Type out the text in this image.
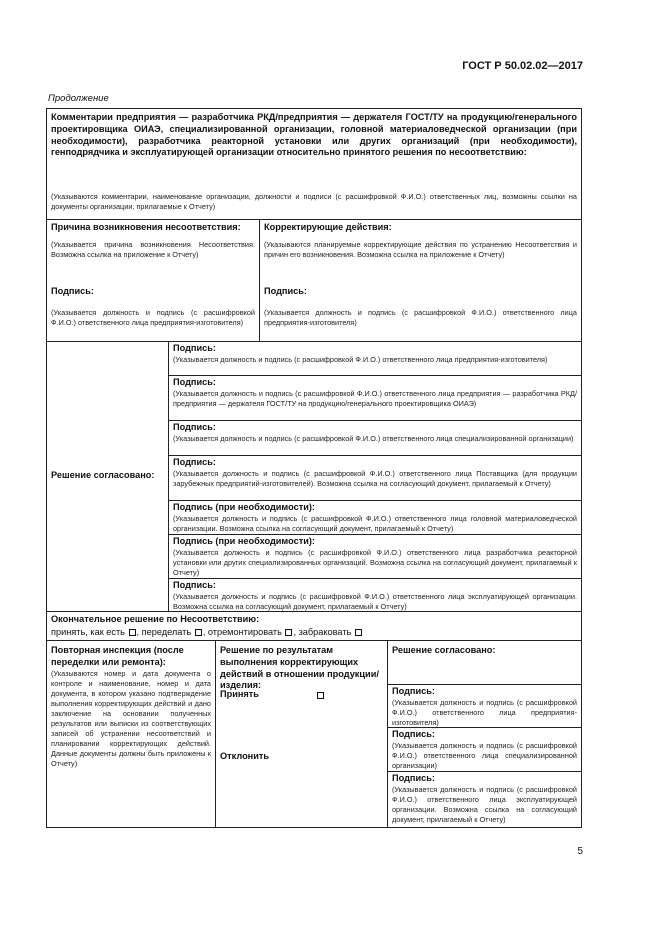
ГОСТ Р 50.02.02—2017
Продолжение
Комментарии предприятия — разработчика РКД/предприятия — держателя ГОСТ/ТУ на продукцию/генерального проектировщика ОИАЭ, специализированной организации, головной материаловедческой организации (при необходимости), разработчика реакторной установки или других организаций (при необходимости), генподрядчика и эксплуатирующей организации относительно принятого решения по несоответствию:
(Указываются комментарии, наименование организации, должности и подписи (с расшифровкой Ф.И.О.) ответственных лиц, возможны ссылки на документы организации, прилагаемые к Отчету)
Причина возникновения несоответствия:
(Указывается причина возникновения Несоответствия. Возможна ссылка на приложение к Отчету)
Подпись:
(Указывается должность и подпись (с расшифровкой Ф.И.О.) ответственного лица предприятия-изготовителя)
Корректирующие действия:
(Указываются планируемые корректирующие действия по устранению Несоответствия и причин его возникновения. Возможна ссылка на приложение к Отчету)
Подпись:
(Указывается должность и подпись (с расшифровкой Ф.И.О.) ответственного лица предприятия-изготовителя)
Решение согласовано:
Подпись:
(Указывается должность и подпись (с расшифровкой Ф.И.О.) ответственного лица предприятия-изготовителя)
Подпись:
(Указывается должность и подпись (с расшифровкой Ф.И.О.) ответственного лица предприятия — разработчика РКД/предприятия — держателя ГОСТ/ТУ на продукцию/генерального проектировщика ОИАЭ)
Подпись:
(Указывается должность и подпись (с расшифровкой Ф.И.О.) ответственного лица специализированной организации)
Подпись:
(Указывается должность и подпись (с расшифровкой Ф.И.О.) ответственного лица Поставщика (для продукции зарубежных предприятий-изготовителей). Возможна ссылка на согласующий документ, прилагаемый к Отчету)
Подпись (при необходимости):
(Указывается должность и подпись (с расшифровкой Ф.И.О.) ответственного лица головной материаловедческой организации. Возможна ссылка на согласующий документ, прилагаемый к Отчету)
Подпись (при необходимости):
(Указывается должность и подпись (с расшифровкой Ф.И.О.) ответственного лица разработчика реакторной установки или других специализированных организаций. Возможна ссылка на согласующий документ, прилагаемый к Отчету)
Подпись:
(Указывается должность и подпись (с расшифровкой Ф.И.О.) ответственного лица эксплуатирующей организации. Возможна ссылка на согласующий документ, прилагаемый к Отчету)
Окончательное решение по Несоответствию:
принять, как есть , переделать , отремонтировать , забраковать
Повторная инспекция (после переделки или ремонта):
(Указываются номер и дата документа о контроле и наименование, номер и дата документа, в котором указано подтверждение выполнения корректирующих действий и дано заключение на основании полученных результатов или выписки из соответствующих записей об устранении несоответствий и планировании корректирующих действий. Данные документы должны быть приложены к Отчету)
Решение по результатам выполнения корректирующих действий в отношении продукции/изделия:
Принять
Отклонить
Решение согласовано:
Подпись:
(Указывается должность и подпись (с расшифровкой Ф.И.О.) ответственного лица предприятия-изготовителя)
Подпись:
(Указывается должность и подпись (с расшифровкой Ф.И.О.) ответственного лица специализированной организации)
Подпись:
(Указывается должность и подпись (с расшифровкой Ф.И.О.) ответственного лица эксплуатирующей организации. Возможна ссылка на согласующий документ, прилагаемый к Отчету)
5
